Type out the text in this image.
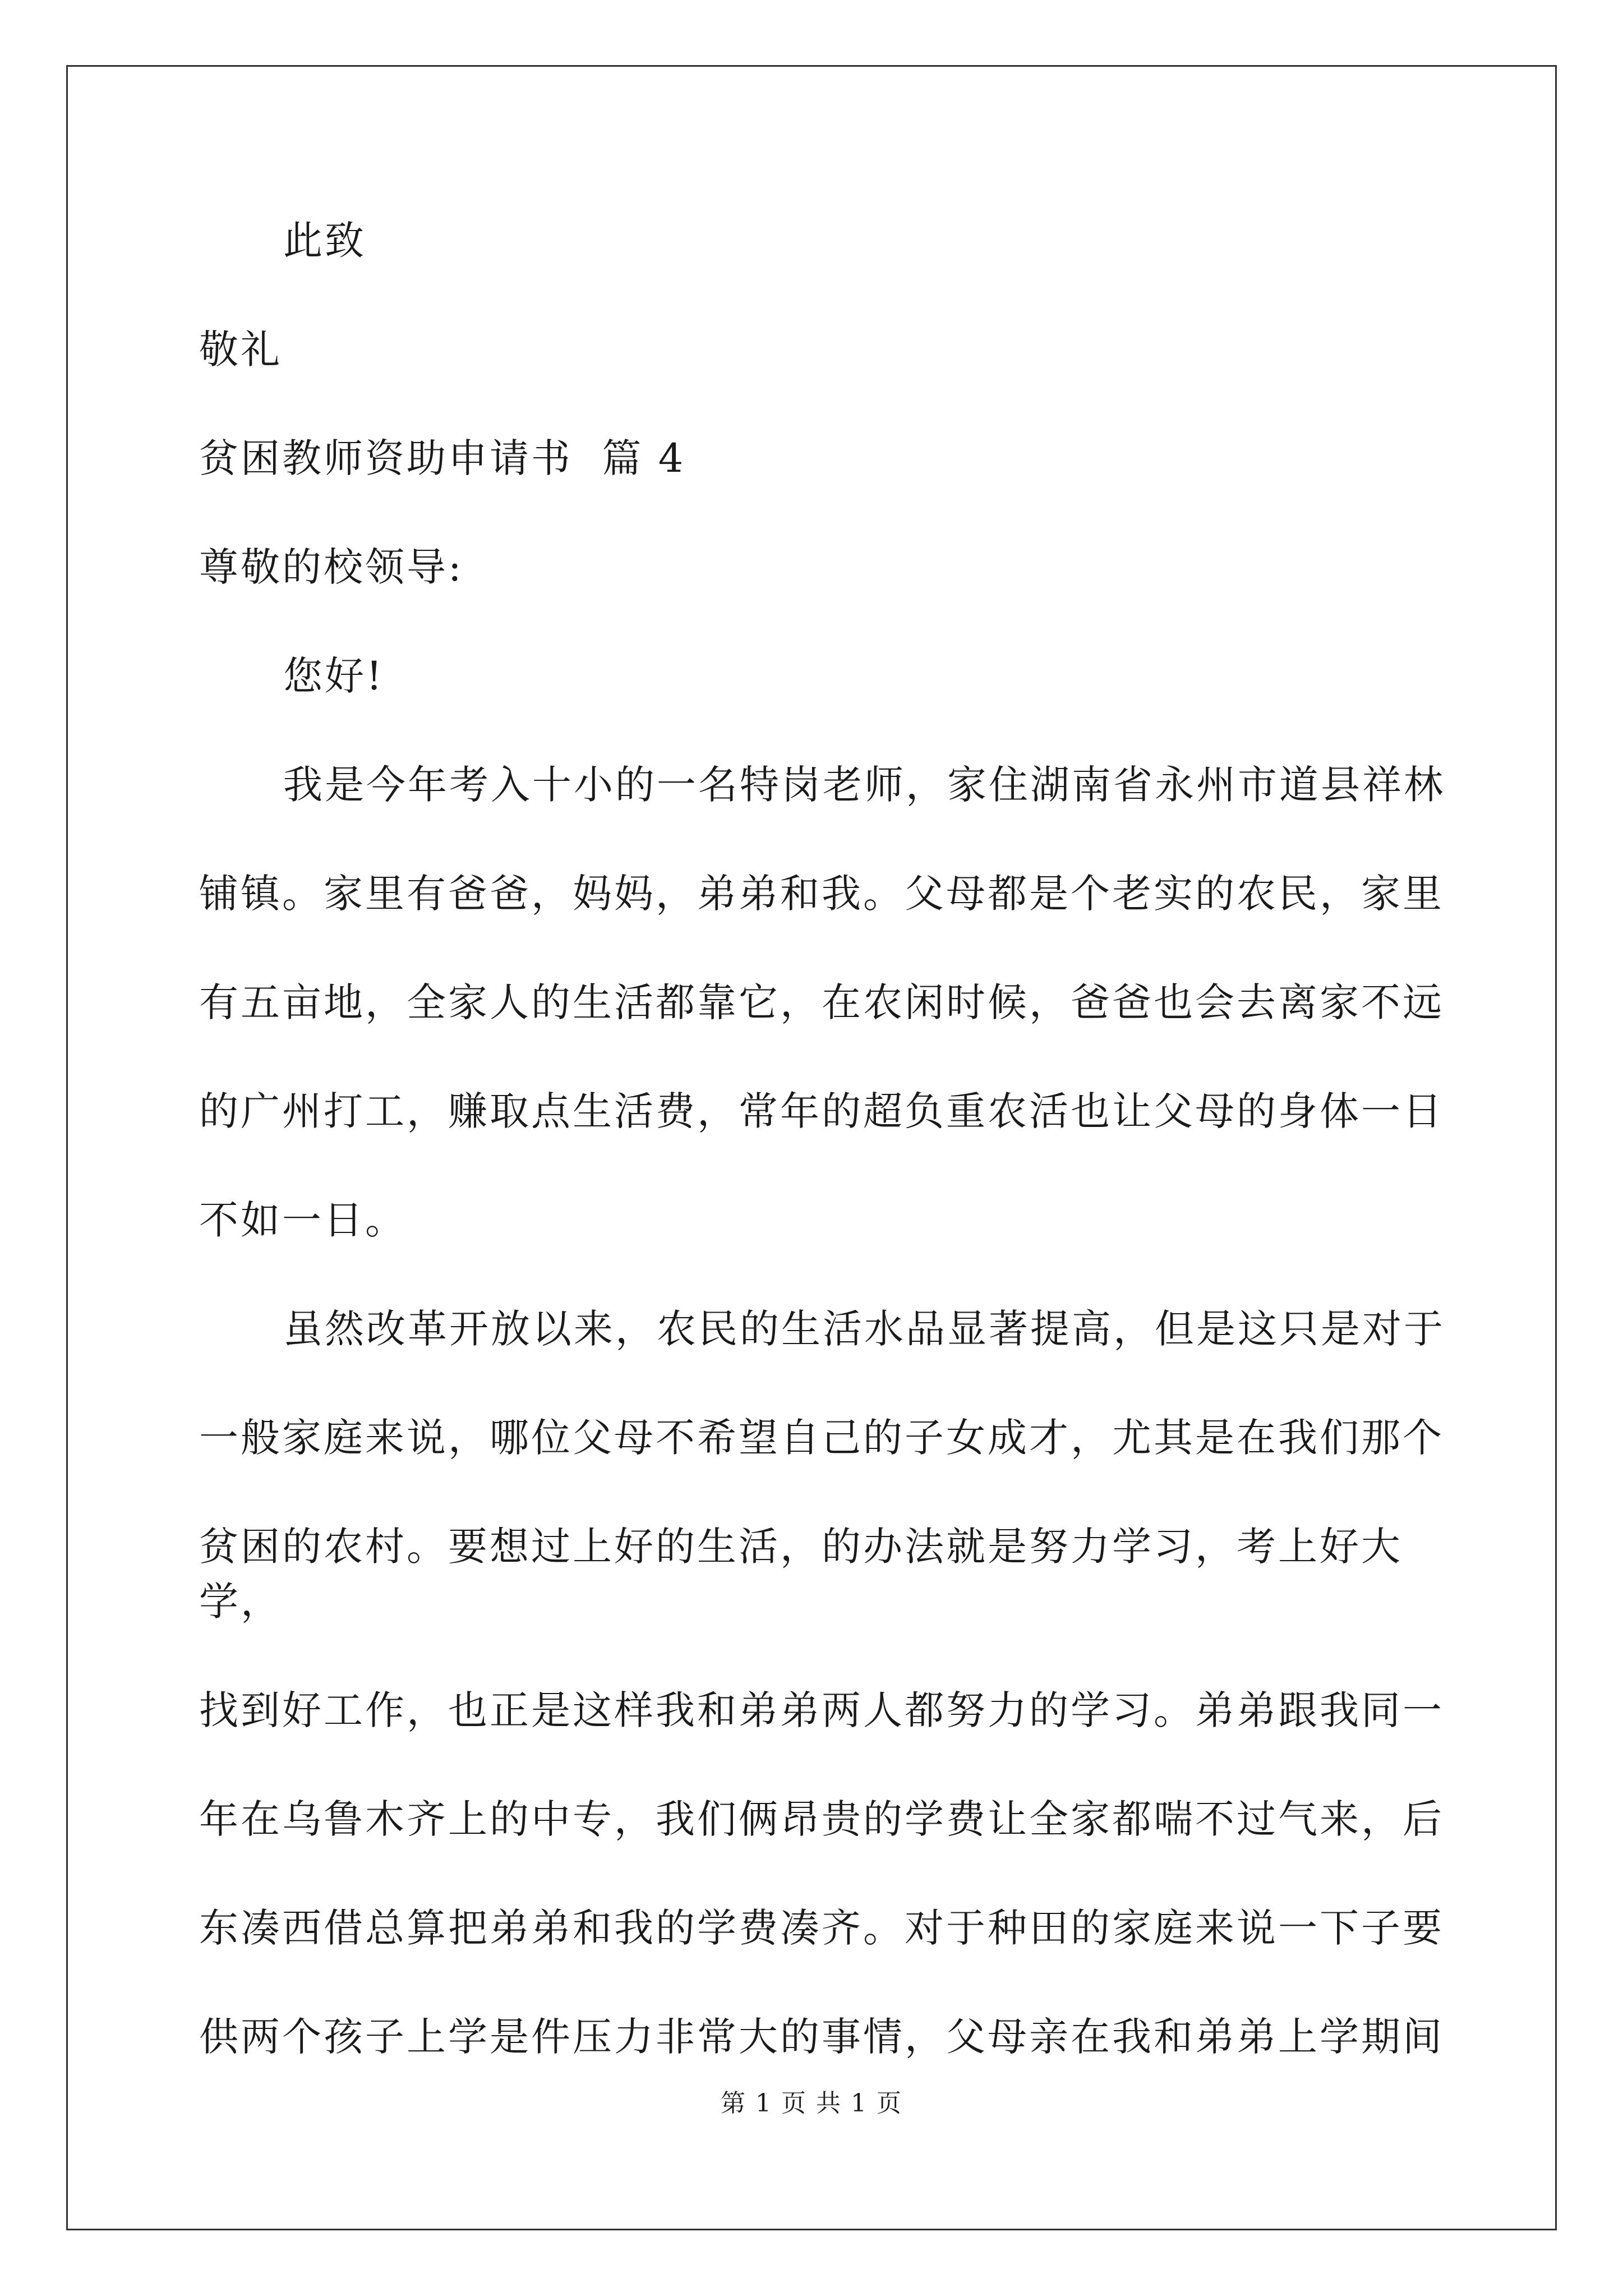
此致

敬礼

贫困教师资助申请书  篇 4

尊敬的校领导:

您好!

我是今年考入十小的一名特岗老师，家住湖南省永州市道县祥林

铺镇。家里有爸爸，妈妈，弟弟和我。父母都是个老实的农民，家里

有五亩地，全家人的生活都靠它，在农闲时候，爸爸也会去离家不远

的广州打工，赚取点生活费，常年的超负重农活也让父母的身体一日

不如一日。

虽然改革开放以来，农民的生活水品显著提高，但是这只是对于

一般家庭来说，哪位父母不希望自己的子女成才，尤其是在我们那个

贫困的农村。要想过上好的生活，的办法就是努力学习，考上好大学，

找到好工作，也正是这样我和弟弟两人都努力的学习。弟弟跟我同一

年在乌鲁木齐上的中专，我们俩昂贵的学费让全家都喘不过气来，后

东凑西借总算把弟弟和我的学费凑齐。对于种田的家庭来说一下子要

供两个孩子上学是件压力非常大的事情，父母亲在我和弟弟上学期间

第 1 页 共 1 页
